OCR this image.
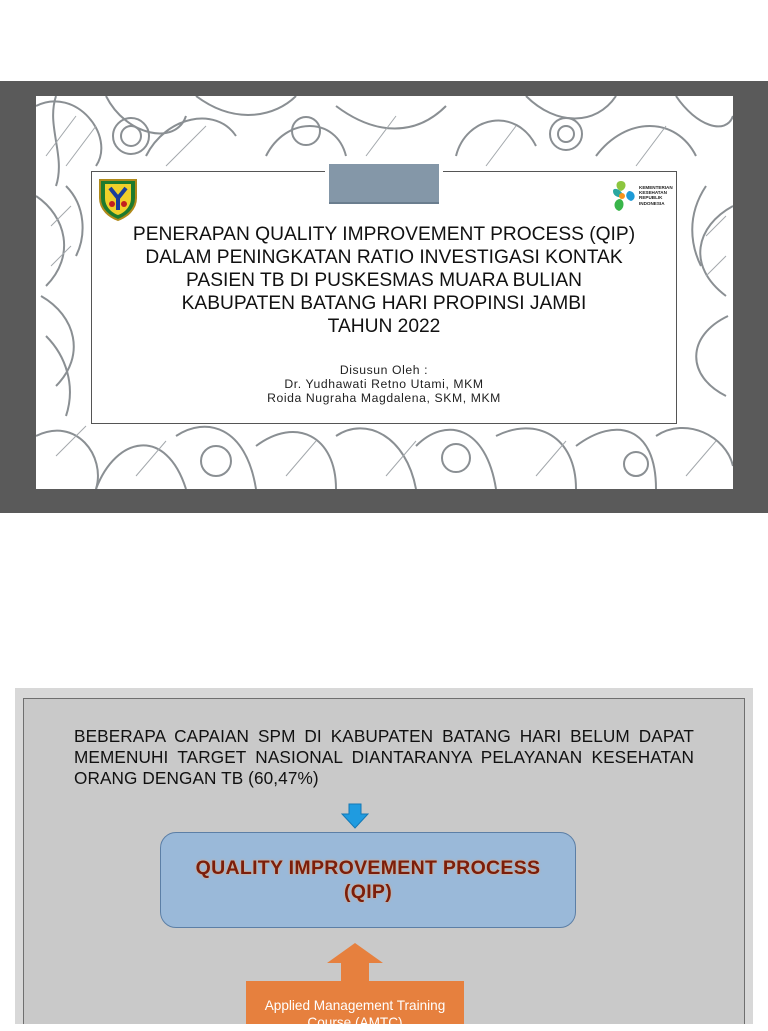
KEMENTERIAN
KESEHATAN
REPUBLIK
INDONESIA
PENERAPAN QUALITY IMPROVEMENT PROCESS (QIP)
DALAM PENINGKATAN RATIO INVESTIGASI KONTAK
PASIEN TB DI PUSKESMAS MUARA BULIAN
KABUPATEN BATANG HARI PROPINSI JAMBI
TAHUN 2022
Disusun Oleh :
Dr. Yudhawati Retno Utami, MKM
Roida Nugraha Magdalena, SKM, MKM
BEBERAPA CAPAIAN SPM DI KABUPATEN BATANG HARI BELUM DAPAT MEMENUHI TARGET NASIONAL DIANTARANYA PELAYANAN KESEHATAN ORANG DENGAN TB (60,47%)
QUALITY IMPROVEMENT PROCESS
(QIP)
Applied Management Training Course (AMTC)
